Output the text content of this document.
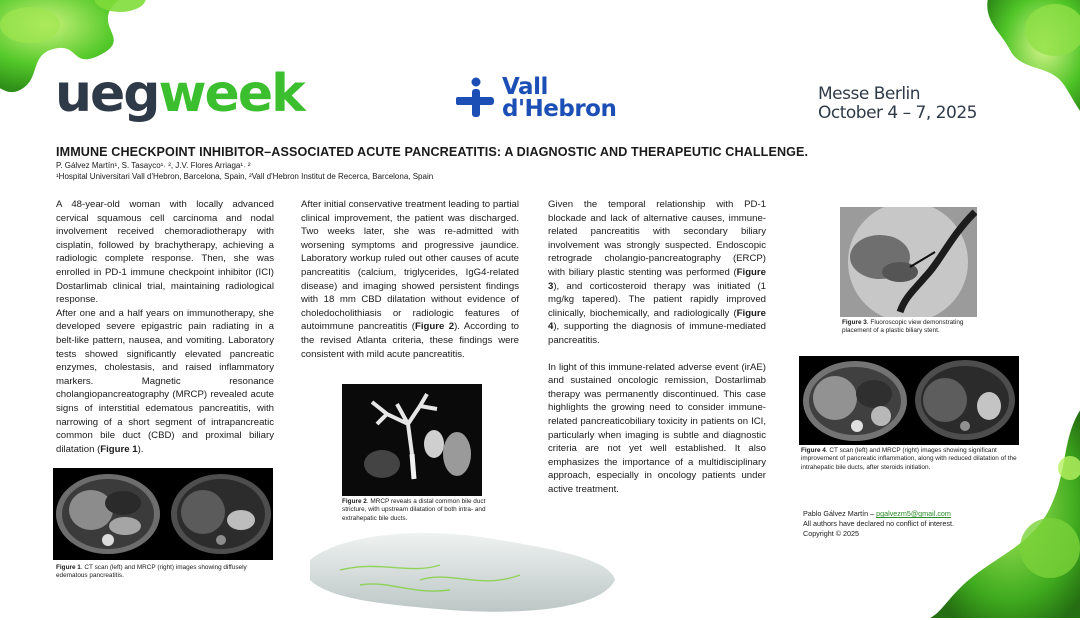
uegweek	Vall
d'Hebron
Messe Berlin
October 4 – 7, 2025
IMMUNE CHECKPOINT INHIBITOR–ASSOCIATED ACUTE PANCREATITIS: A DIAGNOSTIC AND THERAPEUTIC CHALLENGE.
P. Gálvez Martín¹, S. Tasayco¹˒ ², J.V. Flores Arriaga¹˒ ²
¹Hospital Universitari Vall d'Hebron, Barcelona, Spain, ²Vall d'Hebron Institut de Recerca, Barcelona, Spain

A 48-year-old woman with locally advanced cervical squamous cell carcinoma and nodal involvement received chemoradiotherapy with cisplatin, followed by brachytherapy, achieving a radiologic complete response. Then, she was enrolled in PD-1 immune checkpoint inhibitor (ICI) Dostarlimab clinical trial, maintaining radiological response.

After one and a half years on immunotherapy, she developed severe epigastric pain radiating in a belt-like pattern, nausea, and vomiting. Laboratory tests showed significantly elevated pancreatic enzymes, cholestasis, and raised inflammatory markers. Magnetic resonance cholangiopancreatography (MRCP) revealed acute signs of interstitial edematous pancreatitis, with narrowing of a short segment of intrapancreatic common bile duct (CBD) and proximal biliary dilatation (Figure 1).

After initial conservative treatment leading to partial clinical improvement, the patient was discharged. Two weeks later, she was re-admitted with worsening symptoms and progressive jaundice. Laboratory workup ruled out other causes of acute pancreatitis (calcium, triglycerides, IgG4-related disease) and imaging showed persistent findings with 18 mm CBD dilatation without evidence of choledocholithiasis or radiologic features of autoimmune pancreatitis (Figure 2). According to the revised Atlanta criteria, these findings were consistent with mild acute pancreatitis.

Given the temporal relationship with PD-1 blockade and lack of alternative causes, immune-related pancreatitis with secondary biliary involvement was strongly suspected. Endoscopic retrograde cholangio-pancreatography (ERCP) with biliary plastic stenting was performed (Figure 3), and corticosteroid therapy was initiated (1 mg/kg tapered). The patient rapidly improved clinically, biochemically, and radiologically (Figure 4), supporting the diagnosis of immune-mediated pancreatitis.

In light of this immune-related adverse event (irAE) and sustained oncologic remission, Dostarlimab therapy was permanently discontinued. This case highlights the growing need to consider immune-related pancreaticobiliary toxicity in patients on ICI, particularly when imaging is subtle and diagnostic criteria are not yet well established. It also emphasizes the importance of a multidisciplinary approach, especially in oncology patients under active treatment.

Figure 1. CT scan (left) and MRCP (right) images showing diffusely edematous pancreatitis.
Figure 2. MRCP reveals a distal common bile duct stricture, with upstream dilatation of both intra- and extrahepatic bile ducts.
Figure 3. Fluoroscopic view demonstrating placement of a plastic biliary stent.
Figure 4. CT scan (left) and MRCP (right) images showing significant improvement of pancreatic inflammation, along with reduced dilatation of the intrahepatic bile ducts, after steroids initiation.
Pablo Gálvez Martín – pgalvezm5@gmail.com
All authors have declared no conflict of interest.
Copyright © 2025
